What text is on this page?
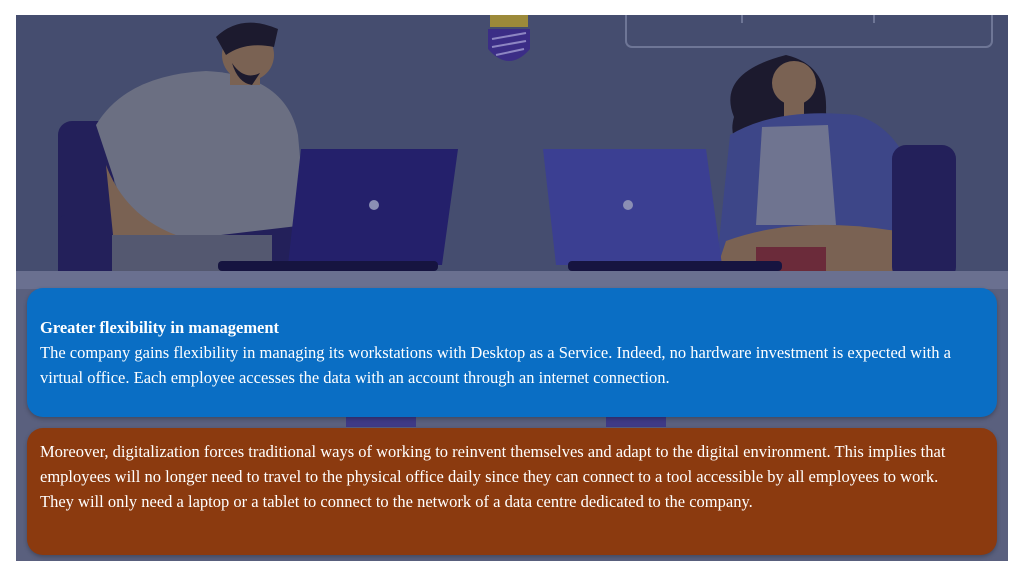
Greater flexibility in management
The company gains flexibility in managing its workstations with Desktop as a Service. Indeed, no hardware investment is expected with a virtual office. Each employee accesses the data with an account through an internet connection.
Moreover, digitalization forces traditional ways of working to reinvent themselves and adapt to the digital environment. This implies that employees will no longer need to travel to the physical office daily since they can connect to a tool accessible by all employees to work. They will only need a laptop or a tablet to connect to the network of a data centre dedicated to the company.
